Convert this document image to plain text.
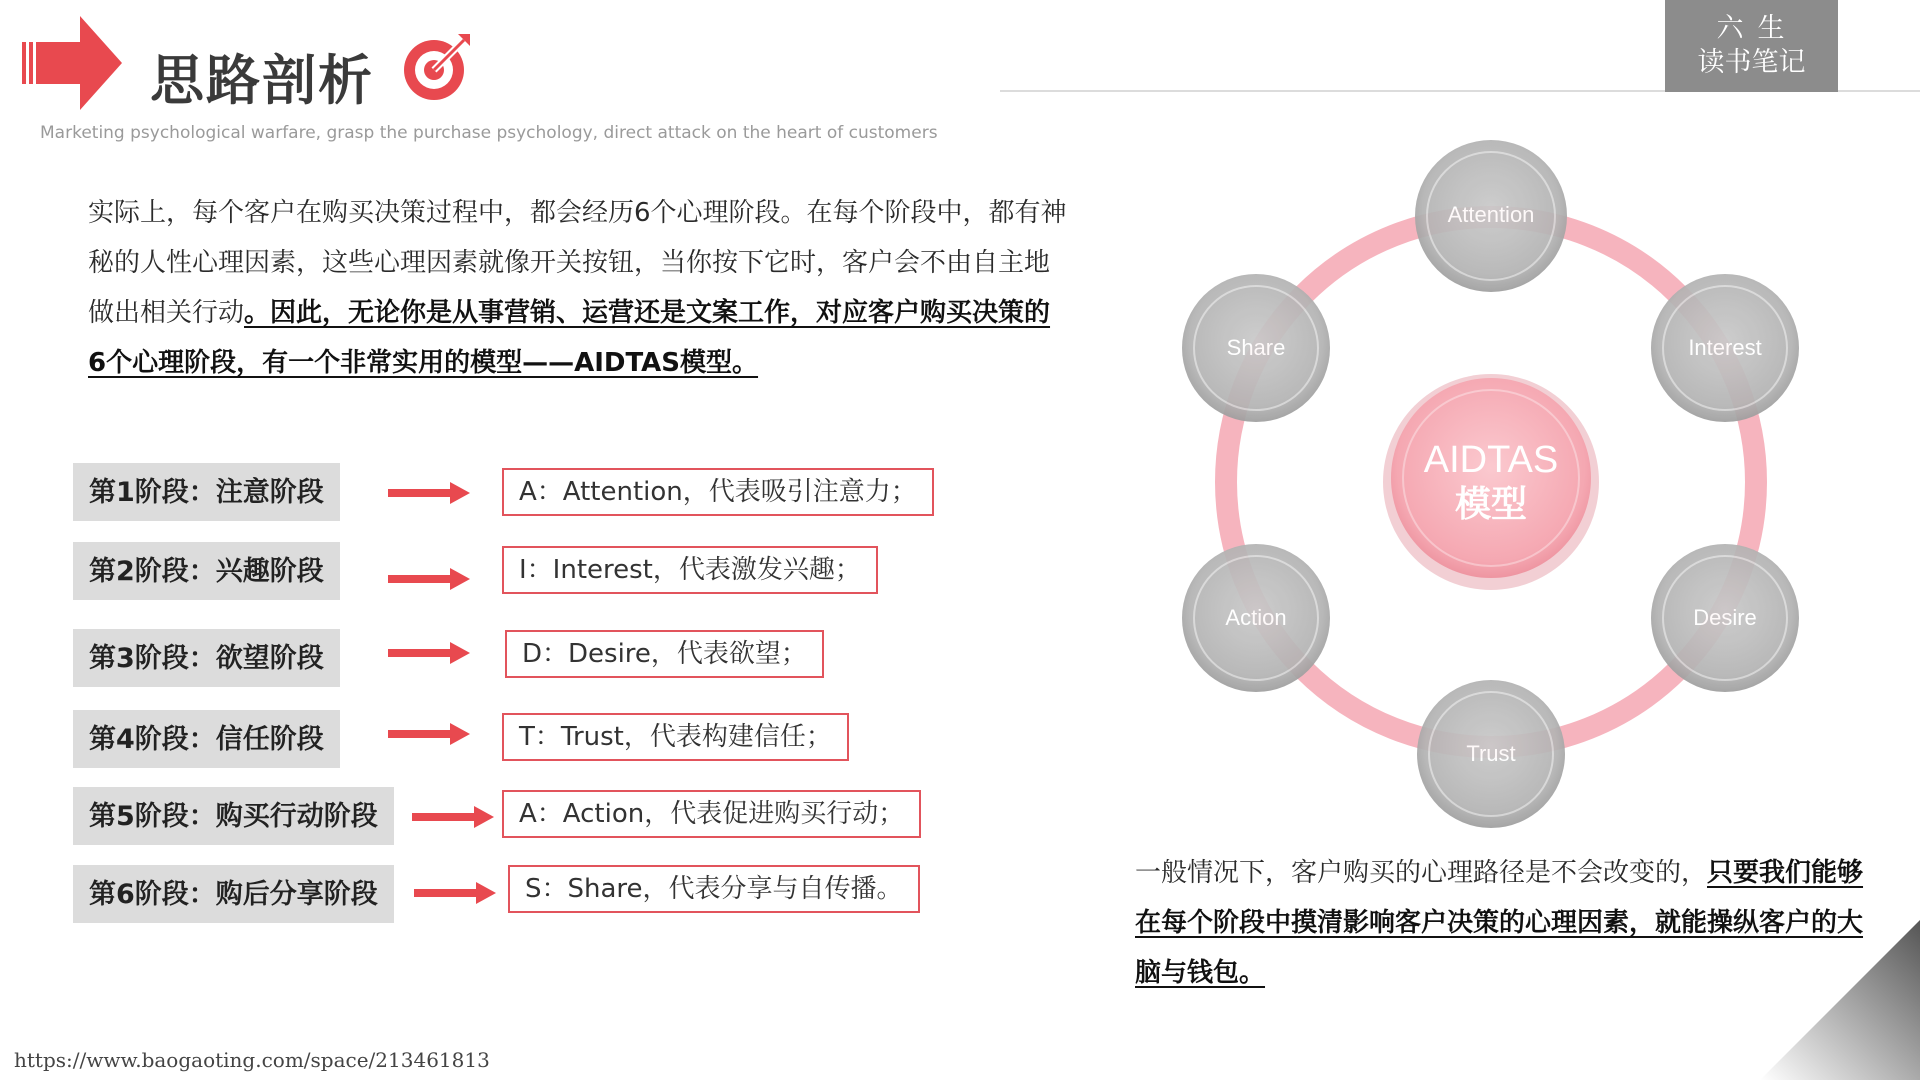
思路剖析
Marketing psychological warfare, grasp the purchase psychology, direct attack on the heart of customers
六生
读书笔记
实际上，每个客户在购买决策过程中，都会经历6个心理阶段。在每个阶段中，都有神秘的人性心理因素，这些心理因素就像开关按钮，当你按下它时，客户会不由自主地做出相关行动。因此，无论你是从事营销、运营还是文案工作，对应客户购买决策的6个心理阶段，有一个非常实用的模型——AIDTAS模型。
第1阶段：注意阶段	A：Attention，代表吸引注意力；
第2阶段：兴趣阶段	I：Interest，代表激发兴趣；
第3阶段：欲望阶段	D：Desire，代表欲望；
第4阶段：信任阶段	T：Trust，代表构建信任；
第5阶段：购买行动阶段	A：Action，代表促进购买行动；
第6阶段：购后分享阶段	S：Share，代表分享与自传播。
AIDTAS
模型
Attention
Interest
Desire
Trust
Action
Share
一般情况下，客户购买的心理路径是不会改变的，只要我们能够在每个阶段中摸清影响客户决策的心理因素，就能操纵客户的大脑与钱包。
https://www.baogaoting.com/space/213461813
